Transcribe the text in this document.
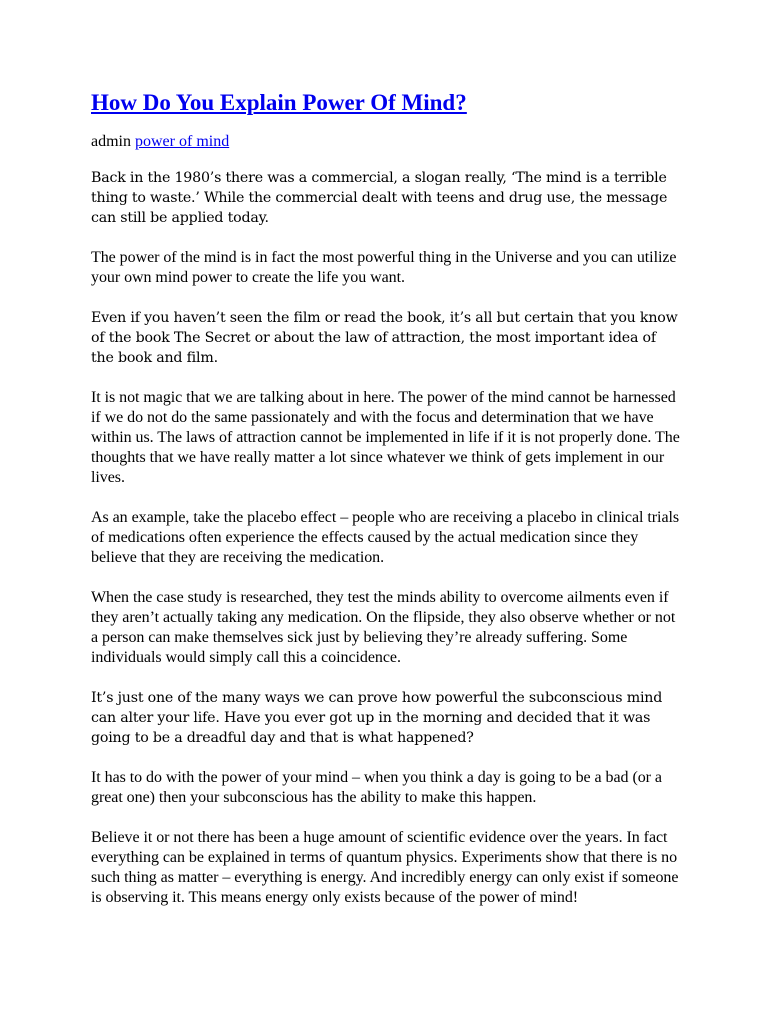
How Do You Explain Power Of Mind?
admin power of mind

Back in the 1980’s there was a commercial, a slogan really, ‘The mind is a terrible thing to waste.’ While the commercial dealt with teens and drug use, the message can still be applied today.

The power of the mind is in fact the most powerful thing in the Universe and you can utilize your own mind power to create the life you want.

Even if you haven’t seen the film or read the book, it’s all but certain that you know of the book The Secret or about the law of attraction, the most important idea of the book and film.

It is not magic that we are talking about in here. The power of the mind cannot be harnessed if we do not do the same passionately and with the focus and determination that we have within us. The laws of attraction cannot be implemented in life if it is not properly done. The thoughts that we have really matter a lot since whatever we think of gets implement in our lives.

As an example, take the placebo effect – people who are receiving a placebo in clinical trials of medications often experience the effects caused by the actual medication since they believe that they are receiving the medication.

When the case study is researched, they test the minds ability to overcome ailments even if they aren’t actually taking any medication. On the flipside, they also observe whether or not a person can make themselves sick just by believing they’re already suffering. Some individuals would simply call this a coincidence.

It’s just one of the many ways we can prove how powerful the subconscious mind can alter your life. Have you ever got up in the morning and decided that it was going to be a dreadful day and that is what happened?

It has to do with the power of your mind – when you think a day is going to be a bad (or a great one) then your subconscious has the ability to make this happen.

Believe it or not there has been a huge amount of scientific evidence over the years. In fact everything can be explained in terms of quantum physics. Experiments show that there is no such thing as matter – everything is energy. And incredibly energy can only exist if someone is observing it. This means energy only exists because of the power of mind!
